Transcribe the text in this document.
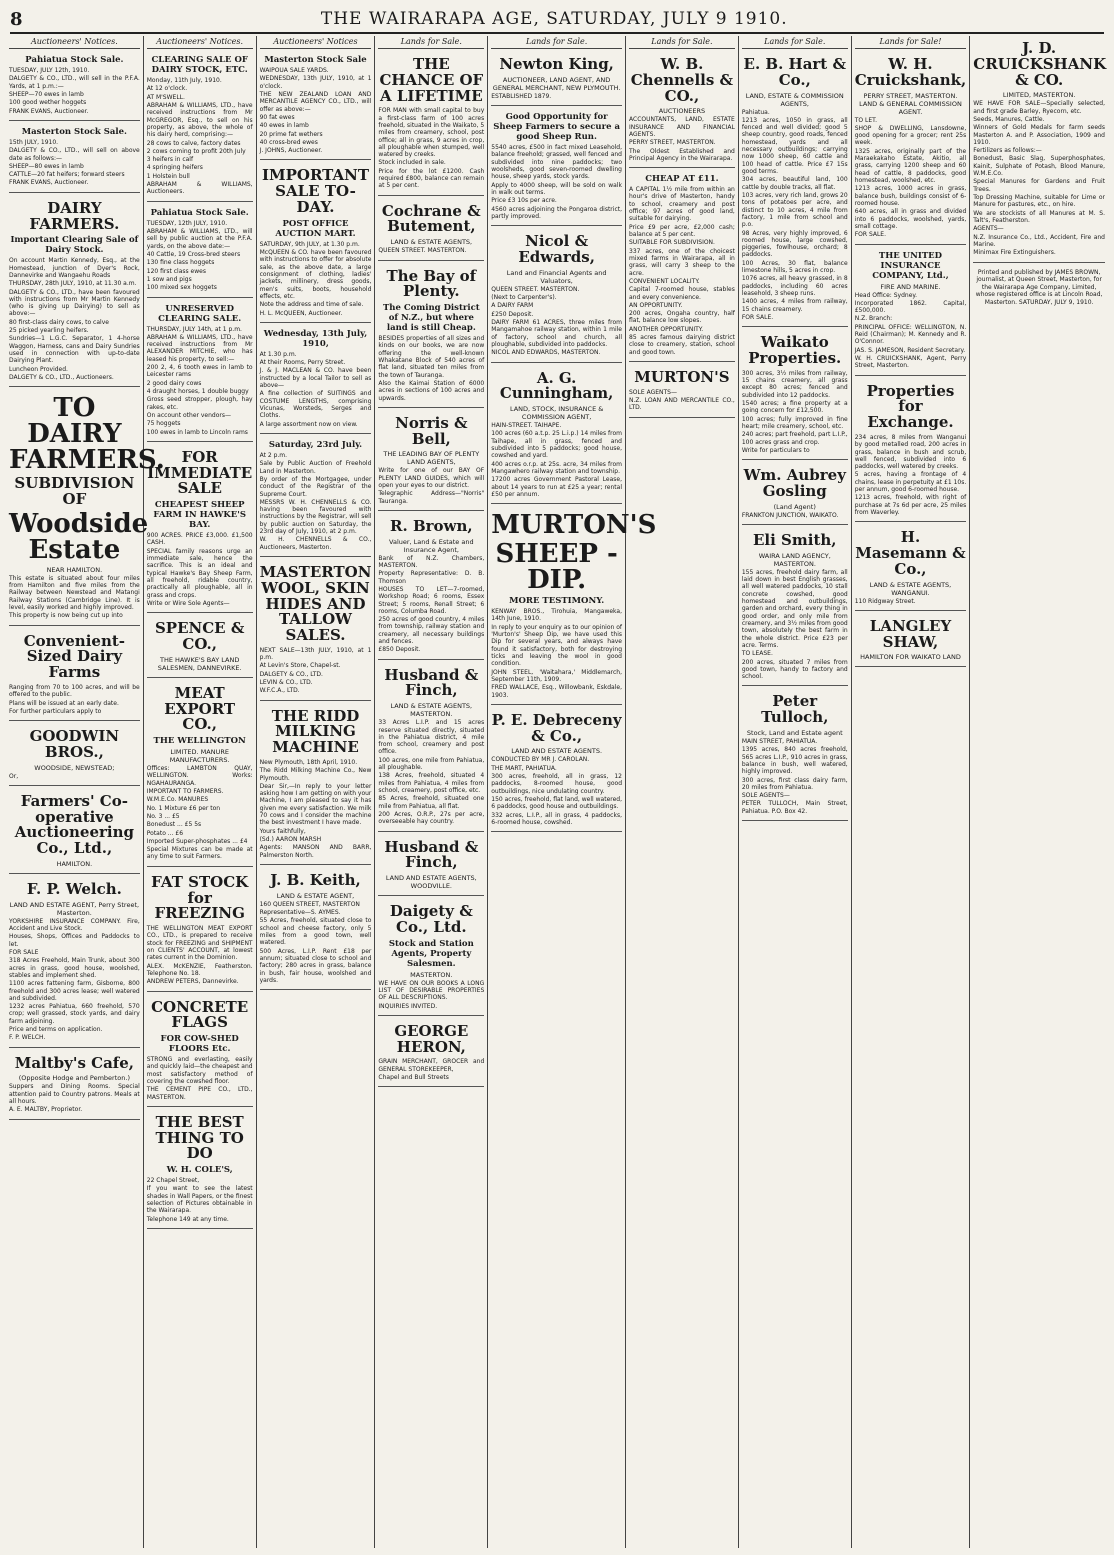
8	THE WAIRARAPA AGE, SATURDAY, JULY 9 1910.
Auctioneers' Notices.
Pahiatua Stock Sale.

TUESDAY, JULY 12th, 1910.

DALGETY & CO., LTD., will sell in the P.F.A. Yards, at 1 p.m.:—

SHEEP—70 ewes in lamb

100 good wether hoggets

FRANK EVANS, Auctioneer.

Masterton Stock Sale.

15th JULY, 1910.

DALGETY & CO., LTD., will sell on above date as follows:—

SHEEP—80 ewes in lamb

CATTLE—20 fat heifers; forward steers

FRANK EVANS, Auctioneer.

DAIRY FARMERS.
Important Clearing Sale of Dairy Stock.

On account Martin Kennedy, Esq., at the Homestead, junction of Dyer's Rock, Dannevirke and Wangaehu Roads

THURSDAY, 28th JULY, 1910, at 11.30 a.m.

DALGETY & CO., LTD., have been favoured with instructions from Mr Martin Kennedy (who is giving up Dairying) to sell as above:—

80 first-class dairy cows, to calve

25 picked yearling heifers.

Sundries—1 L.G.C. Separator, 1 4-horse Waggon, Harness, cans and Dairy Sundries used in connection with up-to-date Dairying Plant.

Luncheon Provided.

DALGETY & CO., LTD., Auctioneers.

TO DAIRY FARMERS.
SUBDIVISION OF
Woodside Estate
NEAR HAMILTON.

This estate is situated about four miles from Hamilton and five miles from the Railway between Newstead and Matangi Railway Stations (Cambridge Line). It is level, easily worked and highly improved.

This property is now being cut up into

Convenient-Sized Dairy Farms

Ranging from 70 to 100 acres, and will be offered to the public.

Plans will be issued at an early date.

For further particulars apply to

GOODWIN BROS.,
WOODSIDE, NEWSTEAD;

Or,

Farmers' Co-operative Auctioneering Co., Ltd.,
HAMILTON.
F. P. Welch.
LAND AND ESTATE AGENT, Perry Street, Masterton.

YORKSHIRE INSURANCE COMPANY. Fire, Accident and Live Stock.

Houses, Shops, Offices and Paddocks to let.

FOR SALE

318 Acres Freehold, Main Trunk, about 300 acres in grass, good house, woolshed, stables and implement shed.

1100 acres fattening farm, Gisborne, 800 freehold and 300 acres lease; well watered and subdivided.

1232 acres Pahiatua, 660 freehold, 570 crop; well grassed, stock yards, and dairy farm adjoining.

Price and terms on application.

F. P. WELCH.

Maltby's Cafe,
(Opposite Hodge and Pemberton.)

Suppers and Dining Rooms. Special attention paid to Country patrons. Meals at all hours.

A. E. MALTBY, Proprietor.

Auctioneers' Notices.
CLEARING SALE OF DAIRY STOCK, ETC.

Monday, 11th July, 1910.

At 12 o'clock.

AT M'SWELL.

ABRAHAM & WILLIAMS, LTD., have received instructions from Mr McGREGOR, Esq., to sell on his property, as above, the whole of his dairy herd, comprising:—

28 cows to calve, factory dates

2 cows coming to profit 20th July

3 heifers in calf

4 springing heifers

1 Holstein bull

ABRAHAM & WILLIAMS, Auctioneers.

Pahiatua Stock Sale.

TUESDAY, 12th JULY, 1910.

ABRAHAM & WILLIAMS, LTD., will sell by public auction at the P.F.A. yards, on the above date:—

40 Cattle, 19 Cross-bred steers

130 fine class hoggets

120 first class ewes

1 sow and pigs

100 mixed sex hoggets

UNRESERVED CLEARING SALE.

THURSDAY, JULY 14th, at 1 p.m.

ABRAHAM & WILLIAMS, LTD., have received instructions from Mr ALEXANDER MITCHIE, who has leased his property, to sell:—

200 2, 4, 6 tooth ewes in lamb to Leicester rams

2 good dairy cows

4 draught horses, 1 double buggy

Gross seed stropper, plough, hay rakes, etc.

On account other vendors—

75 hoggets

100 ewes in lamb to Lincoln rams

FOR IMMEDIATE SALE
CHEAPEST SHEEP FARM IN HAWKE'S BAY.

900 ACRES. PRICE £3,000. £1,500 CASH.

SPECIAL family reasons urge an immediate sale, hence the sacrifice. This is an ideal and typical Hawke's Bay Sheep Farm, all freehold, ridable country, practically all ploughable, all in grass and crops.

Write or Wire Sole Agents—

SPENCE & CO.,
THE HAWKE'S BAY LAND SALESMEN, DANNEVIRKE.
MEAT EXPORT CO.,
THE WELLINGTON
LIMITED. MANURE MANUFACTURERS.

Offices: LAMBTON QUAY, WELLINGTON. Works: NGAHAURANGA.

IMPORTANT TO FARMERS.

W.M.E.Co. MANURES

No. 1 Mixture £6 per ton

No. 3 ... £5

Bonedust ... £5 5s

Potato ... £6

Imported Super-phosphates ... £4

Special Mixtures can be made at any time to suit Farmers.

FAT STOCK for FREEZING

THE WELLINGTON MEAT EXPORT CO., LTD., is prepared to receive stock for FREEZING and SHIPMENT on CLIENTS' ACCOUNT, at lowest rates current in the Dominion.

ALEX. McKENZIE, Featherston. Telephone No. 18.

ANDREW PETERS, Dannevirke.

CONCRETE FLAGS
FOR COW-SHED FLOORS Etc.

STRONG and everlasting, easily and quickly laid—the cheapest and most satisfactory method of covering the cowshed floor.

THE CEMENT PIPE CO., LTD., MASTERTON.

THE BEST THING TO DO
W. H. COLE'S,

22 Chapel Street,

If you want to see the latest shades in Wall Papers, or the finest selection of Pictures obtainable in the Wairarapa.

Telephone 149 at any time.

Auctioneers' Notices
Masterton Stock Sale

WAIPOUA SALE YARDS.

WEDNESDAY, 13th JULY, 1910, at 1 o'clock.

THE NEW ZEALAND LOAN AND MERCANTILE AGENCY CO., LTD., will offer as above:—

90 fat ewes

40 ewes in lamb

20 prime fat wethers

40 cross-bred ewes

J. JOHNS, Auctioneer.

IMPORTANT SALE TO-DAY.
POST OFFICE AUCTION MART.

SATURDAY, 9th JULY, at 1.30 p.m.

McQUEEN & CO. have been favoured with instructions to offer for absolute sale, as the above date, a large consignment of clothing, ladies' jackets, millinery, dress goods, men's suits, boots, household effects, etc.

Note the address and time of sale.

H. L. McQUEEN, Auctioneer.

Wednesday, 13th July, 1910,

At 1.30 p.m.

At their Rooms, Perry Street.

J. & J. MACLEAN & CO. have been instructed by a local Tailor to sell as above—

A fine collection of SUITINGS and COSTUME LENGTHS, comprising Vicunas, Worsteds, Serges and Cloths.

A large assortment now on view.

Saturday, 23rd July.

At 2 p.m.

Sale by Public Auction of Freehold Land in Masterton.

By order of the Mortgagee, under conduct of the Registrar of the Supreme Court.

MESSRS W. H. CHENNELLS & CO. having been favoured with instructions by the Registrar, will sell by public auction on Saturday, the 23rd day of July, 1910, at 2 p.m.

W. H. CHENNELLS & CO., Auctioneers, Masterton.

MASTERTON WOOL, SKIN HIDES AND TALLOW SALES.

NEXT SALE—13th JULY, 1910, at 1 p.m.

At Levin's Store, Chapel-st.

DALGETY & CO., LTD.

LEVIN & CO., LTD.

W.F.C.A., LTD.

THE RIDD MILKING MACHINE

New Plymouth, 18th April, 1910.

The Ridd Milking Machine Co., New Plymouth.

Dear Sir,—In reply to your letter asking how I am getting on with your Machine, I am pleased to say it has given me every satisfaction. We milk 70 cows and I consider the machine the best investment I have made.

Yours faithfully,

(Sd.) AARON MARSH

Agents: MANSON AND BARR, Palmerston North.

J. B. Keith,
LAND & ESTATE AGENT,

160 QUEEN STREET, MASTERTON

Representative—S. AYMES.

55 Acres, freehold, situated close to school and cheese factory, only 5 miles from a good town, well watered.

500 Acres, L.I.P. Rent £18 per annum; situated close to school and factory; 280 acres in grass, balance in bush, fair house, woolshed and yards.

Lands for Sale.
THE CHANCE OF A LIFETIME

FOR MAN with small capital to buy a first-class farm of 100 acres freehold, situated in the Waikato, 5 miles from creamery, school, post office; all in grass, 9 acres in crop, all ploughable when stumped, well watered by creeks.

Stock included in sale.

Price for the lot £1200. Cash required £800, balance can remain at 5 per cent.

Cochrane & Butement,
LAND & ESTATE AGENTS,

QUEEN STREET. MASTERTON.

The Bay of Plenty.
The Coming District of N.Z., but where land is still Cheap.

BESIDES properties of all sizes and kinds on our books, we are now offering the well-known Whakatane Block of 540 acres of flat land, situated ten miles from the town of Tauranga.

Also the Kaimai Station of 6000 acres in sections of 100 acres and upwards.

Norris & Bell,
THE LEADING BAY OF PLENTY LAND AGENTS,

Write for one of our BAY OF PLENTY LAND GUIDES, which will open your eyes to our district.

Telegraphic Address—"Norris" Tauranga.

R. Brown,
Valuer, Land & Estate and Insurance Agent,

Bank of N.Z. Chambers, MASTERTON.

Property Representative: D. B. Thomson

HOUSES TO LET—7-roomed, Workshop Road; 6 rooms, Essex Street; 5 rooms, Renall Street; 6 rooms, Columba Road.

250 acres of good country, 4 miles from township, railway station and creamery, all necessary buildings and fences.

£850 Deposit.

Husband & Finch,
LAND & ESTATE AGENTS, MASTERTON.

33 Acres L.I.P. and 15 acres reserve situated directly, situated in the Pahiatua district, 4 mile from school, creamery and post office.

100 acres, one mile from Pahiatua, all ploughable.

138 Acres, freehold, situated 4 miles from Pahiatua, 4 miles from school, creamery, post office, etc.

85 Acres, freehold, situated one mile from Pahiatua, all flat.

200 Acres, O.R.P., 27s per acre, overseeable hay country.

Husband & Finch,
LAND AND ESTATE AGENTS, WOODVILLE.
Daigety & Co., Ltd.
Stock and Station Agents, Property Salesmen.
MASTERTON.

WE HAVE ON OUR BOOKS A LONG LIST OF DESIRABLE PROPERTIES OF ALL DESCRIPTIONS.

INQUIRIES INVITED.

GEORGE HERON,

GRAIN MERCHANT, GROCER and GENERAL STOREKEEPER,

Chapel and Bull Streets

Lands for Sale.
Newton King,
AUCTIONEER, LAND AGENT, AND GENERAL MERCHANT, NEW PLYMOUTH.

ESTABLISHED 1879.

Good Opportunity for Sheep Farmers to secure a good Sheep Run.

5540 acres, £500 in fact mixed Leasehold, balance freehold; grassed, well fenced and subdivided into nine paddocks; two woolsheds, good seven-roomed dwelling house, sheep yards, stock yards.

Apply to 4000 sheep, will be sold on walk in walk out terms.

Price £3 10s per acre.

4560 acres adjoining the Pongaroa district, partly improved.

Nicol & Edwards,
Land and Financial Agents and Valuators,

QUEEN STREET. MASTERTON.

(Next to Carpenter's).

A DAIRY FARM

£250 Deposit.

DAIRY FARM 61 ACRES, three miles from Mangamahoe railway station, within 1 mile of factory, school and church, all ploughable, subdivided into paddocks.

NICOL AND EDWARDS, MASTERTON.

A. G. Cunningham,
LAND, STOCK, INSURANCE & COMMISSION AGENT,

HAIN-STREET. TAIHAPE.

100 acres (60 a.t.p. 25 L.i.p.) 14 miles from Taihape, all in grass, fenced and subdivided into 5 paddocks; good house, cowshed and yard.

400 acres o.r.p. at 25s. acre, 34 miles from Mangawhero railway station and township.

17200 acres Government Pastoral Lease, about 14 years to run at £25 a year; rental £50 per annum.

MURTON'S
SHEEP - DIP.
MORE TESTIMONY.

KENWAY BROS., Tirohuia, Mangaweka, 14th June, 1910.

In reply to your enquiry as to our opinion of 'Murton's' Sheep Dip, we have used this Dip for several years, and always have found it satisfactory, both for destroying ticks and leaving the wool in good condition.

JOHN STEEL, 'Waitahara,' Middlemarch, September 11th, 1909.

FRED WALLACE, Esq., Willowbank, Eskdale, 1903.

P. E. Debreceny & Co.,
LAND AND ESTATE AGENTS.

CONDUCTED BY MR J. CAROLAN.

THE MART, PAHIATUA.

300 acres, freehold, all in grass, 12 paddocks, 8-roomed house, good outbuildings, nice undulating country.

150 acres, freehold, flat land, well watered, 6 paddocks, good house and outbuildings.

332 acres, L.I.P., all in grass, 4 paddocks, 6-roomed house, cowshed.

Lands for Sale.
W. B. Chennells & CO.,
AUCTIONEERS

ACCOUNTANTS, LAND, ESTATE INSURANCE AND FINANCIAL AGENTS.

PERRY STREET, MASTERTON.

The Oldest Established and Principal Agency in the Wairarapa.

CHEAP AT £11.

A CAPITAL 1½ mile from within an hour's drive of Masterton, handy to school, creamery and post office; 97 acres of good land, suitable for dairying.

Price £9 per acre, £2,000 cash; balance at 5 per cent.

SUITABLE FOR SUBDIVISION.

337 acres, one of the choicest mixed farms in Wairarapa, all in grass, will carry 3 sheep to the acre.

CONVENIENT LOCALITY.

Capital 7-roomed house, stables and every convenience.

AN OPPORTUNITY.

200 acres, Ongaha country, half flat, balance low slopes.

ANOTHER OPPORTUNITY.

85 acres famous dairying district close to creamery, station, school and good town.

MURTON'S

SOLE AGENTS—

N.Z. LOAN AND MERCANTILE CO., LTD.

Lands for Sale.
E. B. Hart & Co.,
LAND, ESTATE & COMMISSION AGENTS,

Pahiatua.

1213 acres, 1050 in grass, all fenced and well divided; good 5 sheep country, good roads, fenced homestead, yards and all necessary outbuildings; carrying now 1000 sheep, 60 cattle and 100 head of cattle. Price £7 15s good terms.

304 acres, beautiful land, 100 cattle by double tracks, all flat.

103 acres, very rich land, grows 20 tons of potatoes per acre, and distinct to 10 acres, 4 mile from factory, 1 mile from school and p.o.

98 Acres, very highly improved, 6 roomed house, large cowshed, piggeries, fowlhouse, orchard; 8 paddocks.

100 Acres, 30 flat, balance limestone hills, 5 acres in crop.

1076 acres, all heavy grassed, in 8 paddocks, including 60 acres leasehold, 3 sheep runs.

1400 acres, 4 miles from railway, 15 chains creamery.

FOR SALE.

Waikato Properties.

300 acres, 3½ miles from railway, 15 chains creamery, all grass except 80 acres; fenced and subdivided into 12 paddocks.

1540 acres; a fine property at a going concern for £12,500.

100 acres; fully improved in fine heart; mile creamery, school, etc.

240 acres; part freehold, part L.I.P., 100 acres grass and crop.

Write for particulars to

Wm. Aubrey Gosling
(Land Agent)

FRANKTON JUNCTION, WAIKATO.

Eli Smith,
WAIRA LAND AGENCY, MASTERTON.

155 acres, freehold dairy farm, all laid down in best English grasses, all well watered paddocks, 10 stall concrete cowshed, good homestead and outbuildings, garden and orchard, every thing in good order, and only mile from creamery, and 3½ miles from good town, absolutely the best farm in the whole district. Price £23 per acre. Terms.

TO LEASE.

200 acres, situated 7 miles from good town, handy to factory and school.

Peter Tulloch,
Stock, Land and Estate agent

MAIN STREET, PAHIATUA.

1395 acres, 840 acres freehold, 565 acres L.I.P., 910 acres in grass, balance in bush, well watered, highly improved.

300 acres, first class dairy farm, 20 miles from Pahiatua.

SOLE AGENTS—

PETER TULLOCH, Main Street, Pahiatua. P.O. Box 42.

Lands for Sale!
W. H. Cruickshank,
PERRY STREET, MASTERTON. LAND & GENERAL COMMISSION AGENT.

TO LET.

SHOP & DWELLING, Lansdowne, good opening for a grocer; rent 25s week.

1325 acres, originally part of the Maraekakaho Estate, Akitio, all grass, carrying 1200 sheep and 60 head of cattle, 8 paddocks, good homestead, woolshed, etc.

1213 acres, 1000 acres in grass, balance bush, buildings consist of 6-roomed house.

640 acres, all in grass and divided into 6 paddocks, woolshed, yards, small cottage.

FOR SALE.

THE UNITED INSURANCE COMPANY, Ltd.,
FIRE AND MARINE.

Head Office: Sydney.

Incorporated 1862. Capital, £500,000.

N.Z. Branch:

PRINCIPAL OFFICE: WELLINGTON, N. Reid (Chairman); M. Kennedy and R. O'Connor.

JAS. S. JAMESON, Resident Secretary.

W. H. CRUICKSHANK, Agent, Perry Street, Masterton.

Properties for Exchange.

234 acres, 8 miles from Wanganui by good metalled road, 200 acres in grass, balance in bush and scrub, well fenced, subdivided into 6 paddocks, well watered by creeks.

5 acres, having a frontage of 4 chains, lease in perpetuity at £1 10s. per annum, good 6-roomed house.

1213 acres, freehold, with right of purchase at 7s 6d per acre, 25 miles from Waverley.

H. Masemann & Co.,
LAND & ESTATE AGENTS, WANGANUI.

110 Ridgway Street.

LANGLEY SHAW,
HAMILTON FOR WAIKATO LAND
J. D. CRUICKSHANK & CO.
LIMITED, MASTERTON.

WE HAVE FOR SALE—Specially selected, and first grade Barley, Ryecorn, etc.

Seeds, Manures, Cattle.

Winners of Gold Medals for farm seeds Masterton A. and P. Association, 1909 and 1910.

Fertilizers as follows:—

Bonedust, Basic Slag, Superphosphates, Kainit, Sulphate of Potash, Blood Manure, W.M.E.Co.

Special Manures for Gardens and Fruit Trees.

Top Dressing Machine, suitable for Lime or Manure for pastures, etc., on hire.

We are stockists of all Manures at M. S. Talt's, Featherston.

AGENTS—

N.Z. Insurance Co., Ltd., Accident, Fire and Marine.

Minimax Fire Extinguishers.

Printed and published by JAMES BROWN, journalist, at Queen Street, Masterton, for the Wairarapa Age Company, Limited, whose registered office is at Lincoln Road, Masterton. SATURDAY, JULY 9, 1910.
